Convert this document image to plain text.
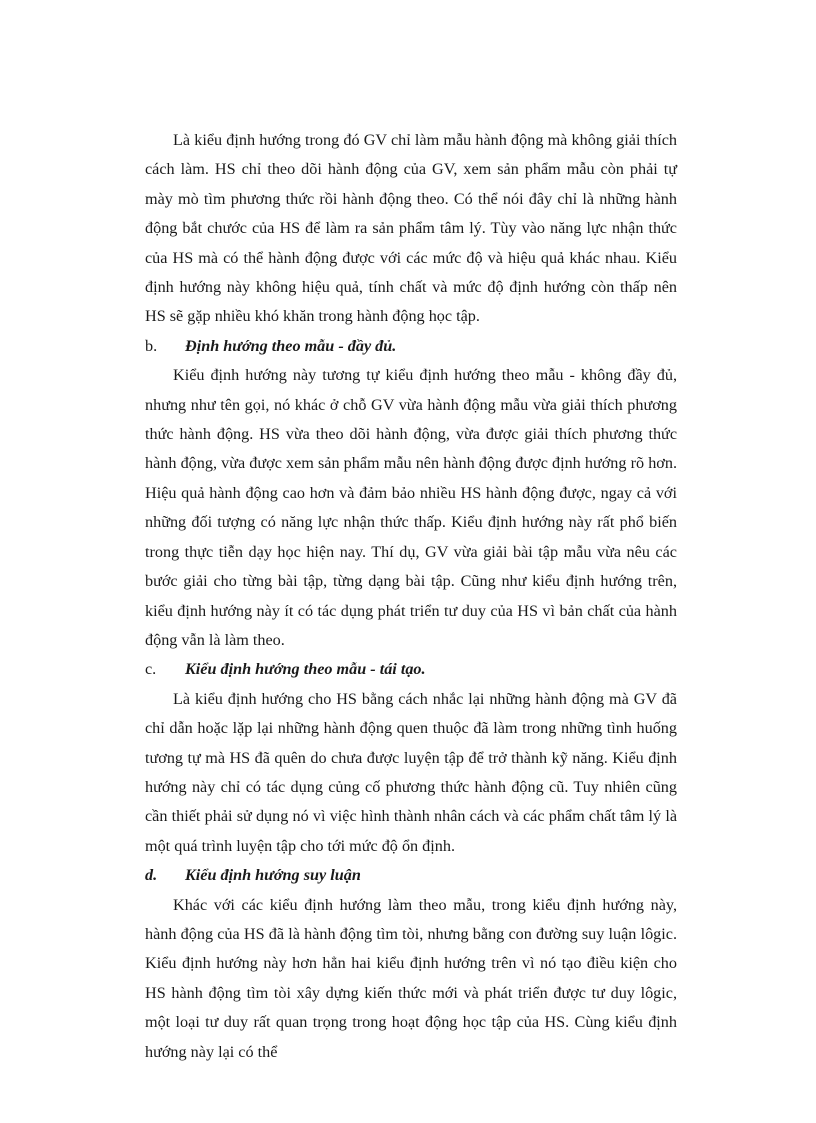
Là kiểu định hướng trong đó GV chỉ làm mẫu hành động mà không giải thích cách làm. HS chỉ theo dõi hành động của GV, xem sản phẩm mẫu còn phải tự mày mò tìm phương thức rồi hành động theo. Có thể nói đây chỉ là những hành động bắt chước của HS để làm ra sản phẩm tâm lý. Tùy vào năng lực nhận thức của HS mà có thể hành động được với các mức độ và hiệu quả khác nhau. Kiểu định hướng này không hiệu quả, tính chất và mức độ định hướng còn thấp nên HS sẽ gặp nhiều khó khăn trong hành động học tập.

b.	Định hướng theo mẫu - đầy đủ.

Kiểu định hướng này tương tự kiểu định hướng theo mẫu - không đầy đủ, nhưng như tên gọi, nó khác ở chỗ GV vừa hành động mẫu vừa giải thích phương thức hành động. HS vừa theo dõi hành động, vừa được giải thích phương thức hành động, vừa được xem sản phẩm mẫu nên hành động được định hướng rõ hơn. Hiệu quả hành động cao hơn và đảm bảo nhiều HS hành động được, ngay cả với những đối tượng có năng lực nhận thức thấp. Kiểu định hướng này rất phổ biến trong thực tiễn dạy học hiện nay. Thí dụ, GV vừa giải bài tập mẫu vừa nêu các bước giải cho từng bài tập, từng dạng bài tập. Cũng như kiểu định hướng trên, kiểu định hướng này ít có tác dụng phát triển tư duy của HS vì bản chất của hành động vẫn là làm theo.

c.	Kiểu định hướng theo mẫu - tái tạo.

Là kiểu định hướng cho HS bằng cách nhắc lại những hành động mà GV đã chỉ dẫn hoặc lặp lại những hành động quen thuộc đã làm trong những tình huống tương tự mà HS đã quên do chưa được luyện tập để trở thành kỹ năng. Kiểu định hướng này chỉ có tác dụng củng cố phương thức hành động cũ. Tuy nhiên cũng cần thiết phải sử dụng nó vì việc hình thành nhân cách và các phẩm chất tâm lý là một quá trình luyện tập cho tới mức độ ổn định.

d.	Kiểu định hướng suy luận

Khác với các kiểu định hướng làm theo mẫu, trong kiểu định hướng này, hành động của HS đã là hành động tìm tòi, nhưng bằng con đường suy luận lôgic. Kiểu định hướng này hơn hẳn hai kiểu định hướng trên vì nó tạo điều kiện cho HS hành động tìm tòi xây dựng kiến thức mới và phát triển được tư duy lôgic, một loại tư duy rất quan trọng trong hoạt động học tập của HS. Cùng kiểu định hướng này lại có thể
